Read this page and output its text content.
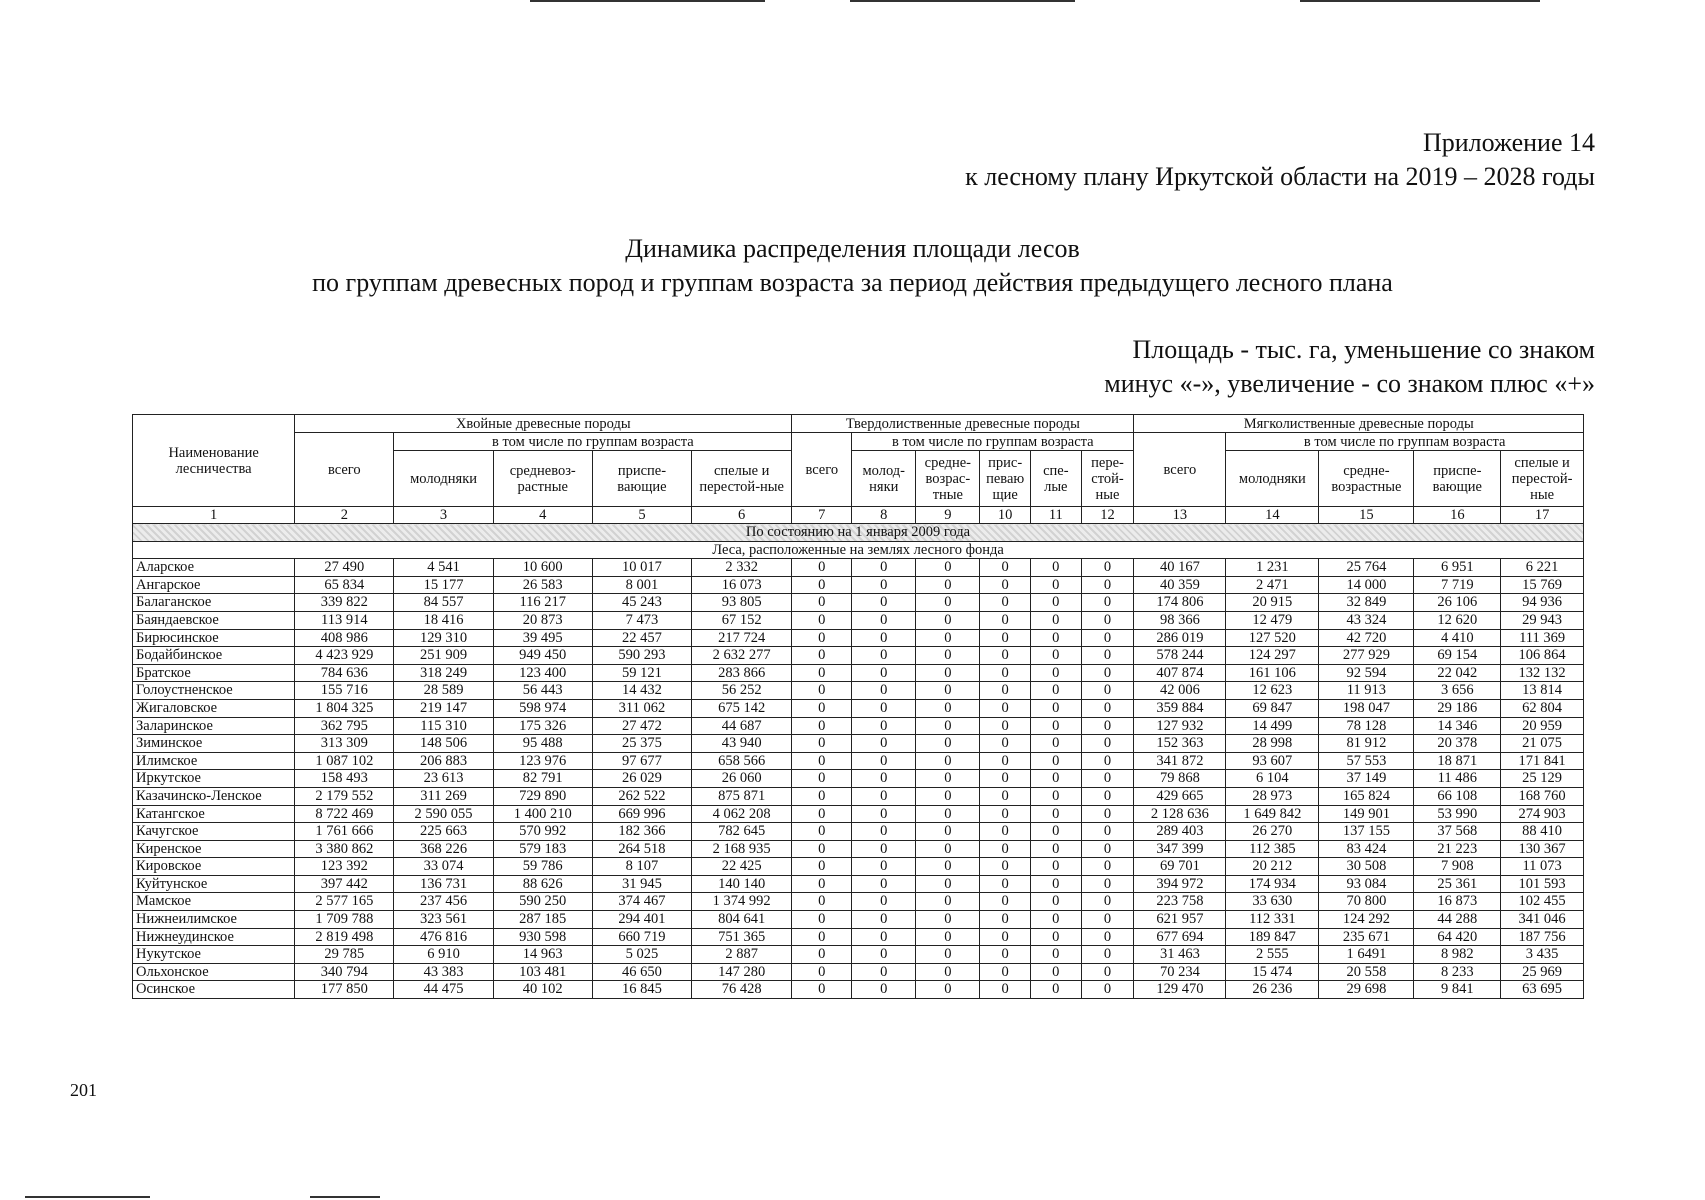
Приложение 14
к лесному плану Иркутской области на 2019 – 2028 годы
Динамика распределения площади лесов
по группам древесных пород и группам возраста за период действия предыдущего лесного плана
Площадь - тыс. га, уменьшение со знаком
минус «-», увеличение - со знаком плюс «+»
Наименование лесничества	Хвойные древесные породы					Твердолиственные древесные породы						Мягколиственные древесные породы				
	всего	в том числе по группам возраста				всего	в том числе по группам возраста					всего	в том числе по группам возраста			
		молодняки	средневоз-растные	приспе-вающие	спелые и перестой-ные		молод-няки	средне-возрас-тные	прис-певаю щие	спе-лые	пере-стой-ные		молодняки	средне-возрастные	приспе-вающие	спелые и перестой-ные
1	2	3	4	5	6	7	8	9	10	11	12	13	14	15	16	17
По состоянию на 1 января 2009 года																
Леса, расположенные на землях лесного фонда																
Аларское	27 490	4 541	10 600	10 017	2 332	0	0	0	0	0	0	40 167	1 231	25 764	6 951	6 221
Ангарское	65 834	15 177	26 583	8 001	16 073	0	0	0	0	0	0	40 359	2 471	14 000	7 719	15 769
Балаганское	339 822	84 557	116 217	45 243	93 805	0	0	0	0	0	0	174 806	20 915	32 849	26 106	94 936
Баяндаевское	113 914	18 416	20 873	7 473	67 152	0	0	0	0	0	0	98 366	12 479	43 324	12 620	29 943
Бирюсинское	408 986	129 310	39 495	22 457	217 724	0	0	0	0	0	0	286 019	127 520	42 720	4 410	111 369
Бодайбинское	4 423 929	251 909	949 450	590 293	2 632 277	0	0	0	0	0	0	578 244	124 297	277 929	69 154	106 864
Братское	784 636	318 249	123 400	59 121	283 866	0	0	0	0	0	0	407 874	161 106	92 594	22 042	132 132
Голоустненское	155 716	28 589	56 443	14 432	56 252	0	0	0	0	0	0	42 006	12 623	11 913	3 656	13 814
Жигаловское	1 804 325	219 147	598 974	311 062	675 142	0	0	0	0	0	0	359 884	69 847	198 047	29 186	62 804
Заларинское	362 795	115 310	175 326	27 472	44 687	0	0	0	0	0	0	127 932	14 499	78 128	14 346	20 959
Зиминское	313 309	148 506	95 488	25 375	43 940	0	0	0	0	0	0	152 363	28 998	81 912	20 378	21 075
Илимское	1 087 102	206 883	123 976	97 677	658 566	0	0	0	0	0	0	341 872	93 607	57 553	18 871	171 841
Иркутское	158 493	23 613	82 791	26 029	26 060	0	0	0	0	0	0	79 868	6 104	37 149	11 486	25 129
Казачинско-Ленское	2 179 552	311 269	729 890	262 522	875 871	0	0	0	0	0	0	429 665	28 973	165 824	66 108	168 760
Катангское	8 722 469	2 590 055	1 400 210	669 996	4 062 208	0	0	0	0	0	0	2 128 636	1 649 842	149 901	53 990	274 903
Качугское	1 761 666	225 663	570 992	182 366	782 645	0	0	0	0	0	0	289 403	26 270	137 155	37 568	88 410
Киренское	3 380 862	368 226	579 183	264 518	2 168 935	0	0	0	0	0	0	347 399	112 385	83 424	21 223	130 367
Кировское	123 392	33 074	59 786	8 107	22 425	0	0	0	0	0	0	69 701	20 212	30 508	7 908	11 073
Куйтунское	397 442	136 731	88 626	31 945	140 140	0	0	0	0	0	0	394 972	174 934	93 084	25 361	101 593
Мамское	2 577 165	237 456	590 250	374 467	1 374 992	0	0	0	0	0	0	223 758	33 630	70 800	16 873	102 455
Нижнеилимское	1 709 788	323 561	287 185	294 401	804 641	0	0	0	0	0	0	621 957	112 331	124 292	44 288	341 046
Нижнеудинское	2 819 498	476 816	930 598	660 719	751 365	0	0	0	0	0	0	677 694	189 847	235 671	64 420	187 756
Нукутское	29 785	6 910	14 963	5 025	2 887	0	0	0	0	0	0	31 463	2 555	1 6491	8 982	3 435
Ольхонское	340 794	43 383	103 481	46 650	147 280	0	0	0	0	0	0	70 234	15 474	20 558	8 233	25 969
Осинское	177 850	44 475	40 102	16 845	76 428	0	0	0	0	0	0	129 470	26 236	29 698	9 841	63 695
201
